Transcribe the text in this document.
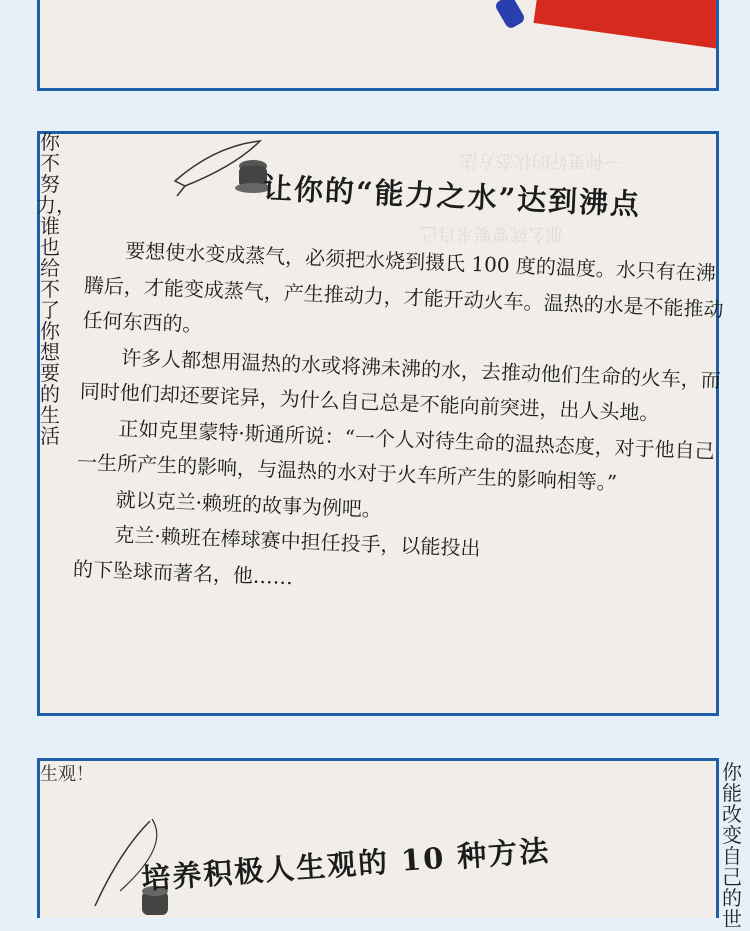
一种更好的状态方法
那么就要要求自己
你不努力，谁也给不了你想要的生活
让你的“能力之水”达到沸点

要想使水变成蒸气，必须把水烧到摄氏 100 度的温度。水只有在沸腾后，才能变成蒸气，产生推动力，才能开动火车。温热的水是不能推动任何东西的。

许多人都想用温热的水或将沸未沸的水，去推动他们生命的火车，而同时他们却还要诧异，为什么自己总是不能向前突进，出人头地。

正如克里蒙特·斯通所说：“一个人对待生命的温热态度，对于他自己一生所产生的影响，与温热的水对于火车所产生的影响相等。”

就以克兰·赖班的故事为例吧。

克兰·赖班在棒球赛中担任投手，以能投出

的下坠球而著名，他……

生观！	你能改变自己的世
培养积极人生观的 10 种方法
